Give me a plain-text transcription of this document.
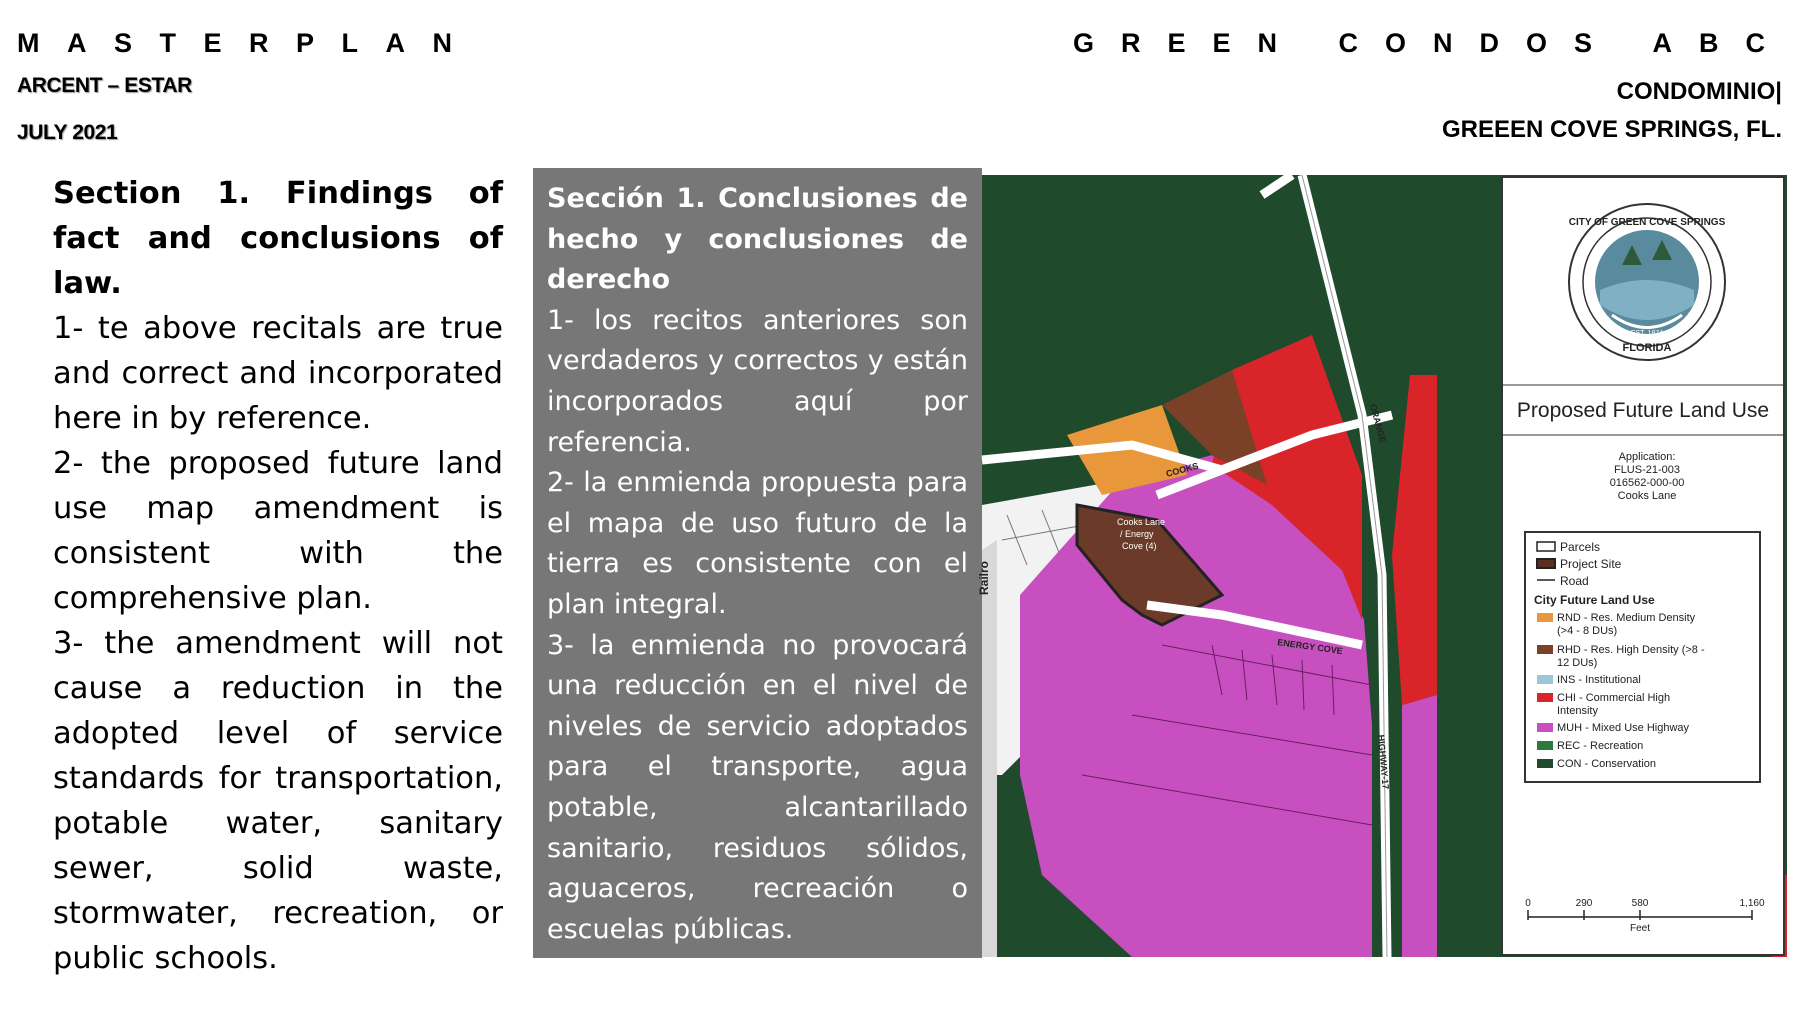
MASTERPLAN
ARCENT – ESTAR
JULY 2021
GREEN CONDOS ABC
CONDOMINIO|
GREEEN COVE SPRINGS, FL.

Section 1. Findings of fact and conclusions of law.

1- te above recitals are true and correct and incorporated here in by reference.

2- the proposed future land use map amendment is consistent with the comprehensive plan.

3- the amendment will not cause a reduction in the adopted level of service standards for transportation, potable water, sanitary sewer, solid waste, stormwater, recreation, or public schools.

Sección 1. Conclusiones de hecho y conclusiones de derecho

1- los recitos anteriores son verdaderos y correctos y están incorporados aquí por referencia.

2- la enmienda propuesta para el mapa de uso futuro de la tierra es consistente con el plan integral.

3- la enmienda no provocará una reducción en el nivel de niveles de servicio adoptados para el transporte, agua potable, alcantarillado sanitario, residuos sólidos, aguaceros, recreación o escuelas públicas.

Cooks Lane
/ Energy
Cove (4)
COOKS
ENERGY COVE
ORANGE
HIGHWAY-17
Railro
CITY OF GREEN COVE SPRINGS
FLORIDA
EST. 1874
Proposed Future Land Use
Application:
FLUS-21-003
016562-000-00
Cooks Lane
Parcels
Project Site
Road
City Future Land Use
RND - Res. Medium Density
(>4 - 8 DUs)
RHD - Res. High Density (>8 -
12 DUs)
INS - Institutional
CHI - Commercial High
Intensity
MUH - Mixed Use Highway
REC - Recreation
CON - Conservation
0	290	580	1,160
Feet
